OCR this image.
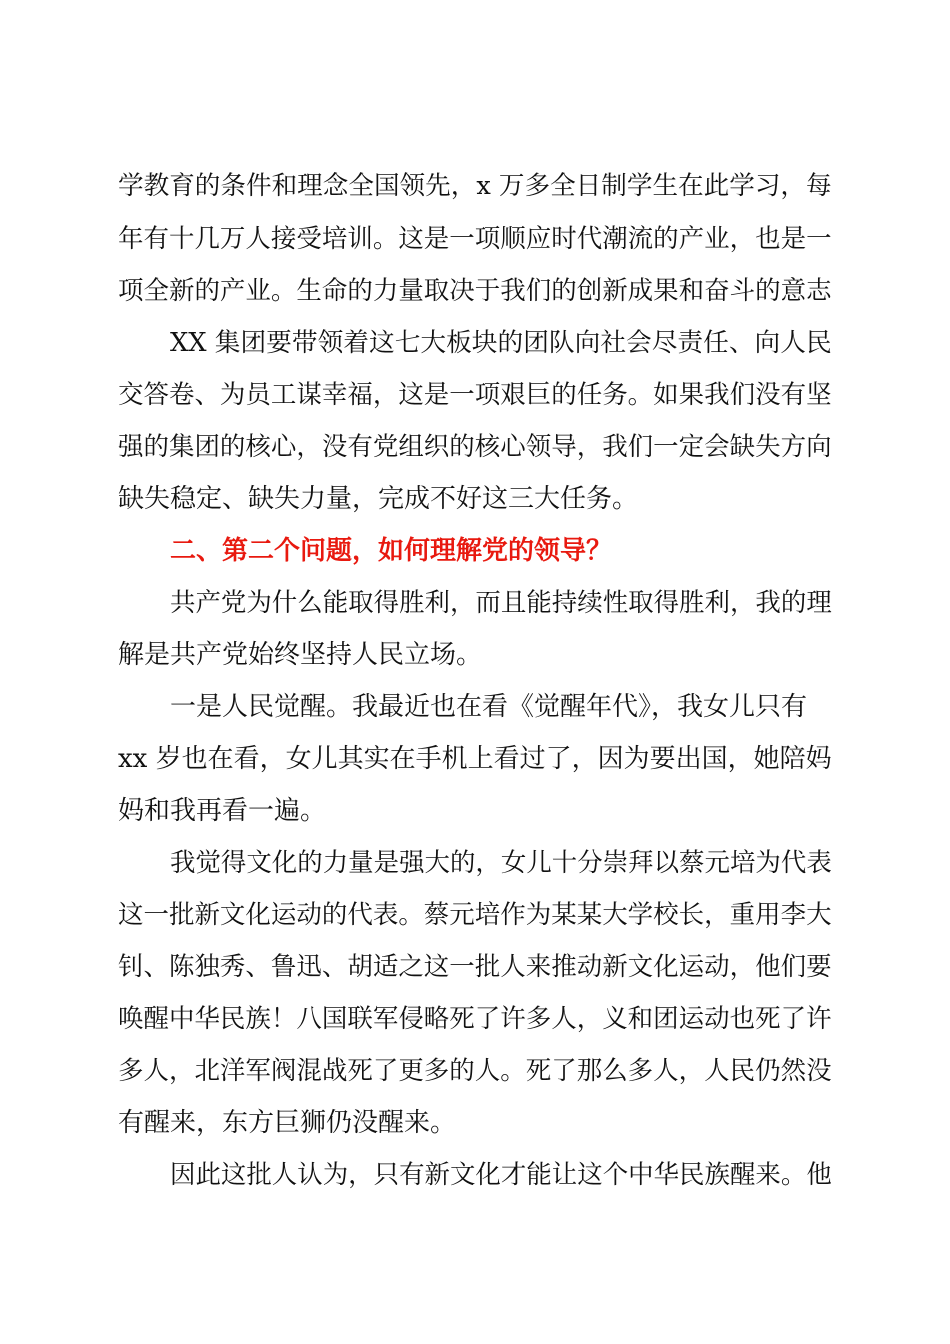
学教育的条件和理念全国领先，x 万多全日制学生在此学习，每
年有十几万人接受培训。这是一项顺应时代潮流的产业，也是一
项全新的产业。生命的力量取决于我们的创新成果和奋斗的意志
XX 集团要带领着这七大板块的团队向社会尽责任、向人民
交答卷、为员工谋幸福，这是一项艰巨的任务。如果我们没有坚
强的集团的核心，没有党组织的核心领导，我们一定会缺失方向
缺失稳定、缺失力量，完成不好这三大任务。
二、第二个问题，如何理解党的领导？
共产党为什么能取得胜利，而且能持续性取得胜利，我的理
解是共产党始终坚持人民立场。
一是人民觉醒。我最近也在看《觉醒年代》，我女儿只有
xx 岁也在看，女儿其实在手机上看过了，因为要出国，她陪妈
妈和我再看一遍。
我觉得文化的力量是强大的，女儿十分崇拜以蔡元培为代表
这一批新文化运动的代表。蔡元培作为某某大学校长，重用李大
钊、陈独秀、鲁迅、胡适之这一批人来推动新文化运动，他们要
唤醒中华民族！八国联军侵略死了许多人，义和团运动也死了许
多人，北洋军阀混战死了更多的人。死了那么多人，人民仍然没
有醒来，东方巨狮仍没醒来。
因此这批人认为，只有新文化才能让这个中华民族醒来。他
